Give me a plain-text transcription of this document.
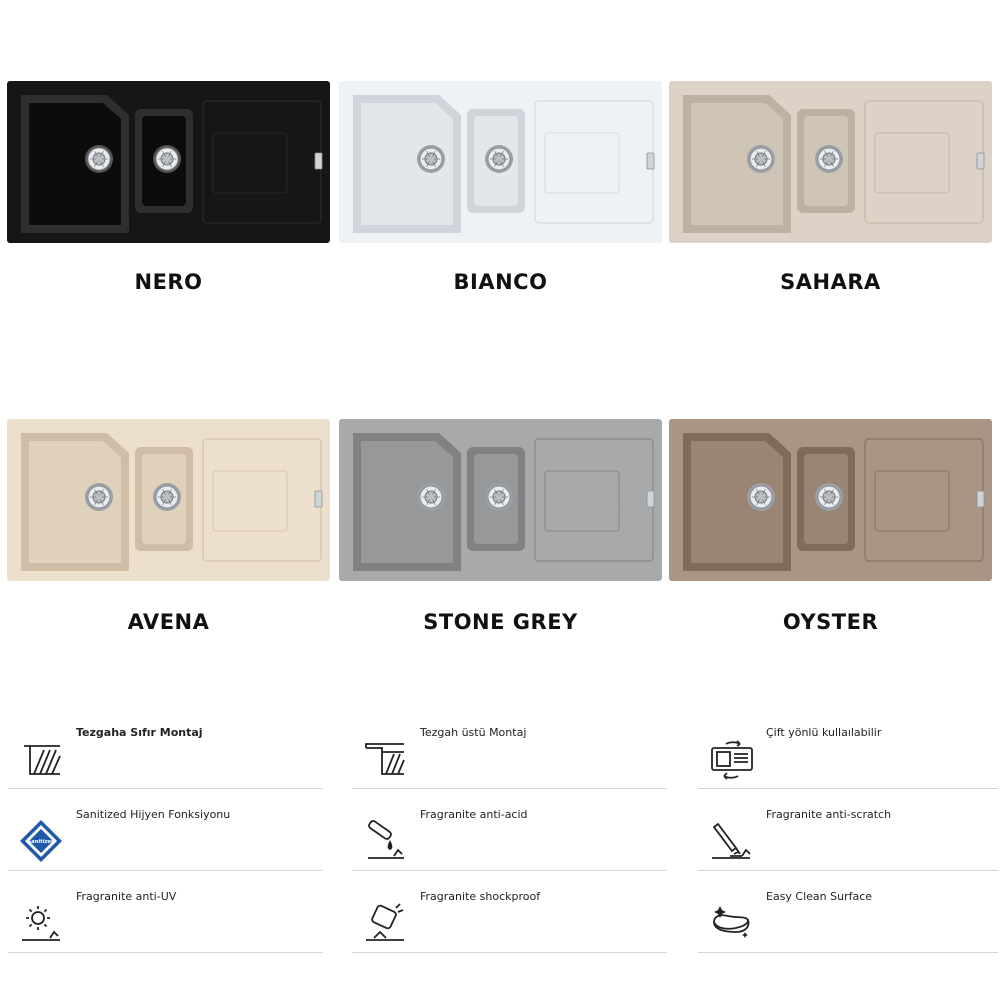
NERO	BIANCO	SAHARA
AVENA	STONE GREY	OYSTER
Tezgaha Sıfır Montaj	Tezgah üstü Montaj	Çift yönlü kullaılabilir
Sanitized
Sanitized Hijyen Fonksiyonu	Fragranite anti-acid	Fragranite anti-scratch
Fragranite anti-UV	Fragranite shockproof	Easy Clean Surface
